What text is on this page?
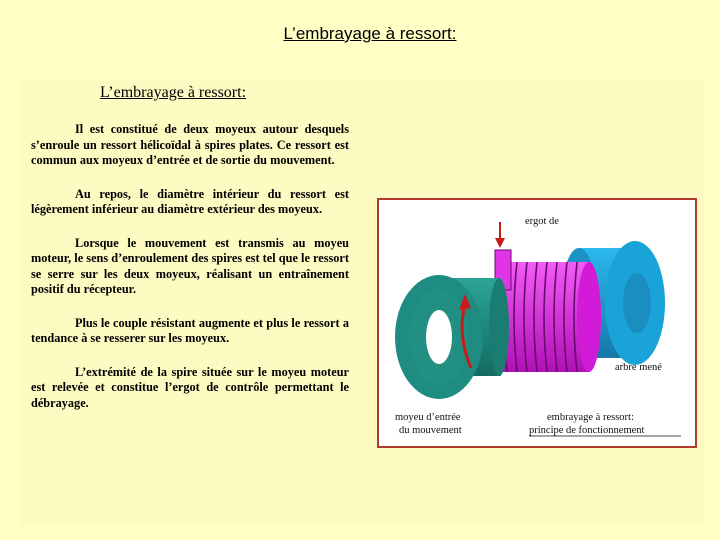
L’embrayage à ressort:
L’embrayage à ressort:

Il est constitué de deux moyeux autour desquels s’enroule un ressort hélicoïdal à spires plates. Ce ressort est commun aux moyeux d’entrée et de sortie du mouvement.

Au repos, le diamètre intérieur du ressort est légèrement inférieur au diamètre extérieur des moyeux.

Lorsque le mouvement est transmis au moyeu moteur, le sens d’enroulement des spires est tel que le ressort se serre sur les deux moyeux, réalisant un entraînement positif du récepteur.

Plus le couple résistant augmente et plus le ressort a tendance à se resserer sur les moyeux.

L’extrémité de la spire située sur le moyeu moteur est relevée et constitue l’ergot de contrôle permettant le débrayage.

ergot de
arbre mené
moyeu d’entrée
du mouvement
embrayage à ressort:
principe de fonctionnement
